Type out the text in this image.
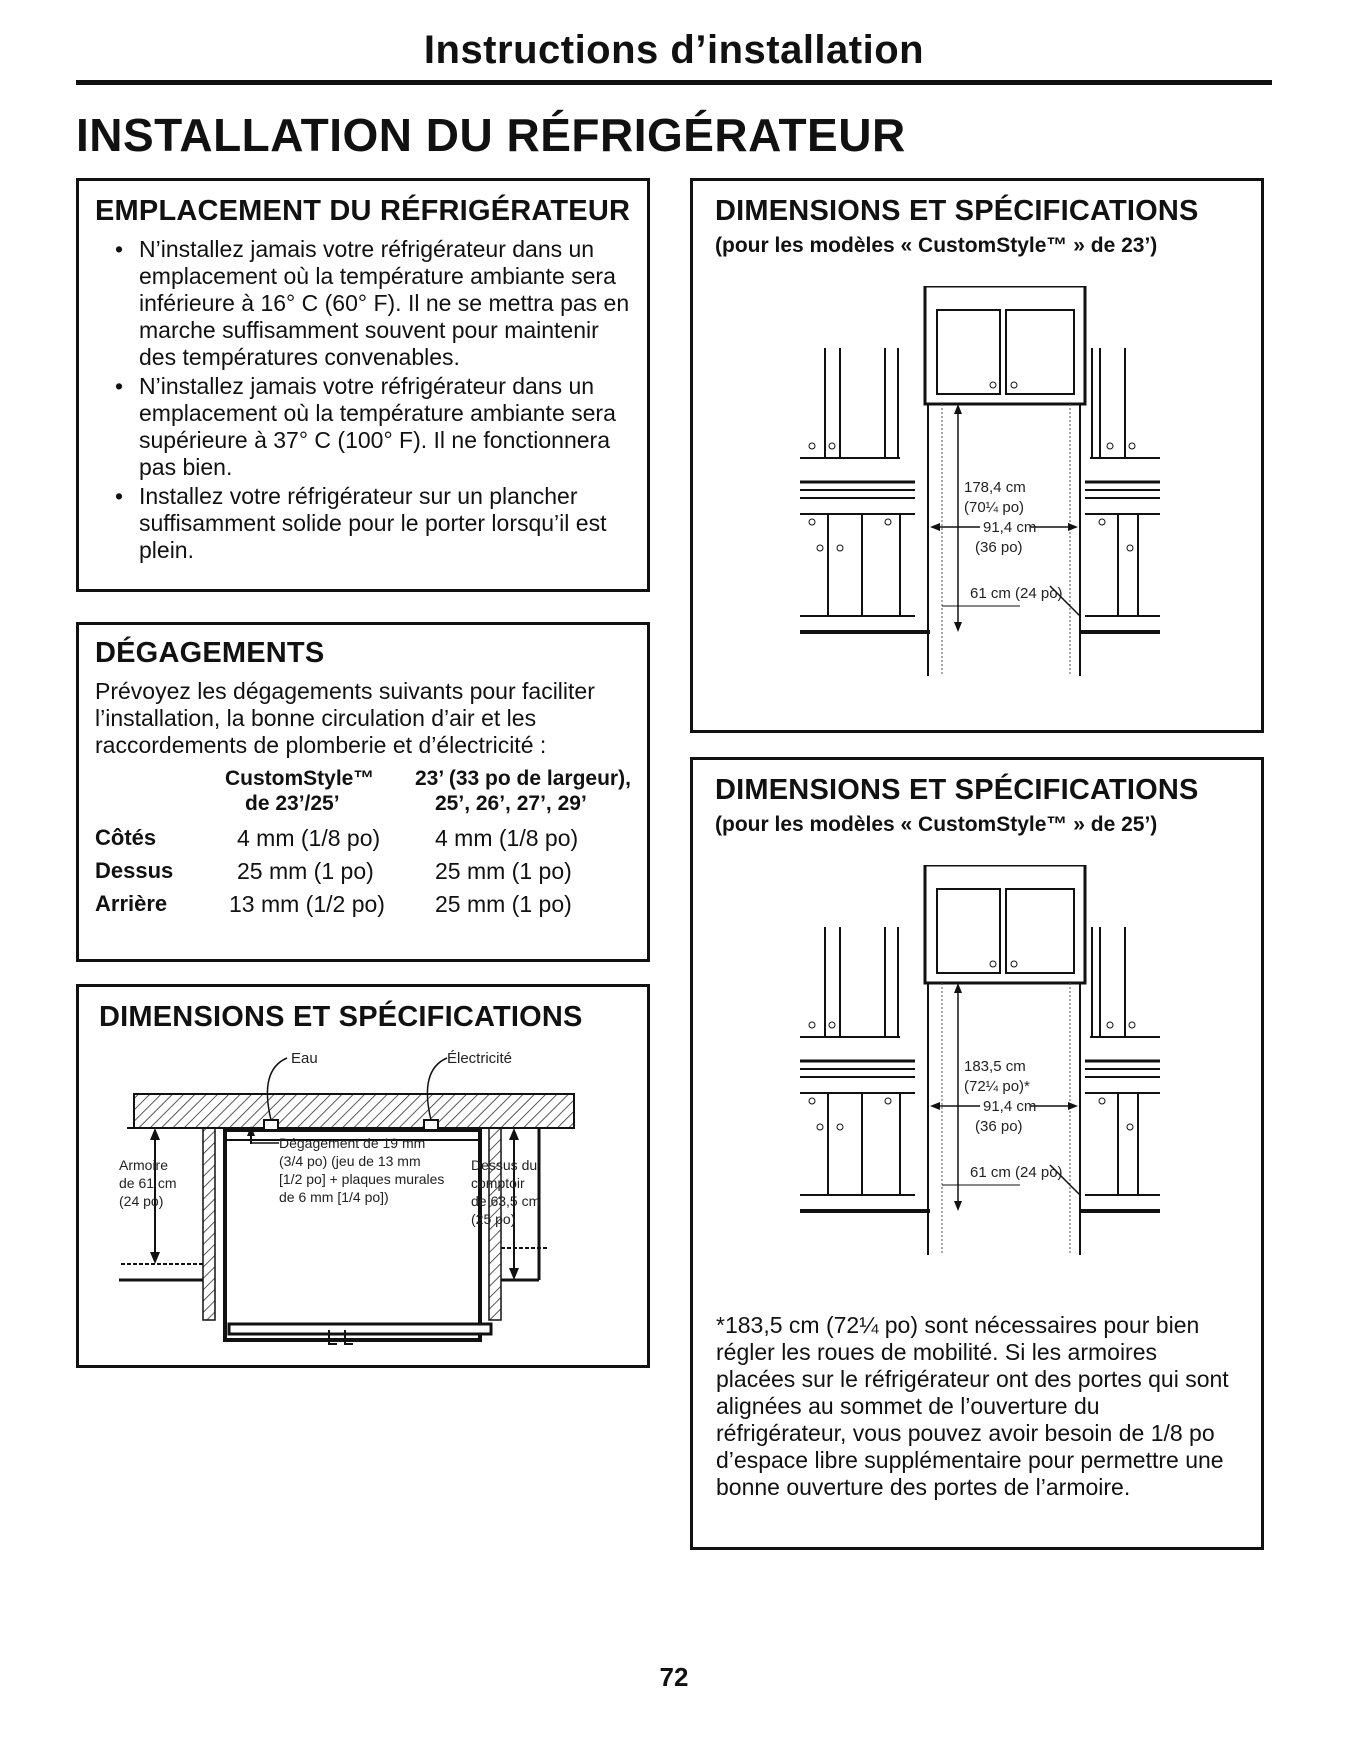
Instructions d’installation
INSTALLATION DU RÉFRIGÉRATEUR
EMPLACEMENT DU RÉFRIGÉRATEUR
• N’installez jamais votre réfrigérateur dans un emplacement où la température ambiante sera inférieure à 16° C (60° F). Il ne se mettra pas en marche suffisamment souvent pour maintenir des températures convenables.
• N’installez jamais votre réfrigérateur dans un emplacement où la température ambiante sera supérieure à 37° C (100° F). Il ne fonctionnera pas bien.
• Installez votre réfrigérateur sur un plancher suffisamment solide pour le porter lorsqu’il est plein.
DÉGAGEMENTS
Prévoyez les dégagements suivants pour faciliter l’installation, la bonne circulation d’air et les raccordements de plomberie et d’électricité :
CustomStyle™
de 23’/25’
23’ (33 po de largeur),
25’, 26’, 27’, 29’
Côtés	4 mm (1/8 po) 4 mm (1/8 po)
Dessus	25 mm (1 po)	25 mm (1 po)
Arrière	13 mm (1/2 po) 25 mm (1 po)
DIMENSIONS ET SPÉCIFICATIONS
Eau	Électricité
Dégagement de 19 mm (3/4 po) (jeu de 13 mm [1/2 po] + plaques murales de 6 mm [1/4 po])
Armoire de 61 cm (24 po)
Dessus du comptoir de 63,5 cm (25 po)
DIMENSIONS ET SPÉCIFICATIONS
(pour les modèles « CustomStyle™ » de 23’)
178,4 cm
(70¼ po)
91,4 cm
(36 po)
61 cm (24 po)
DIMENSIONS ET SPÉCIFICATIONS
(pour les modèles « CustomStyle™ » de 25’)
183,5 cm
(72¼ po)*
91,4 cm
(36 po)
61 cm (24 po)
*183,5 cm (72¼ po) sont nécessaires pour bien régler les roues de mobilité. Si les armoires placées sur le réfrigérateur ont des portes qui sont alignées au sommet de l’ouverture du réfrigérateur, vous pouvez avoir besoin de 1/8 po d’espace libre supplémentaire pour permettre une bonne ouverture des portes de l’armoire.
72
